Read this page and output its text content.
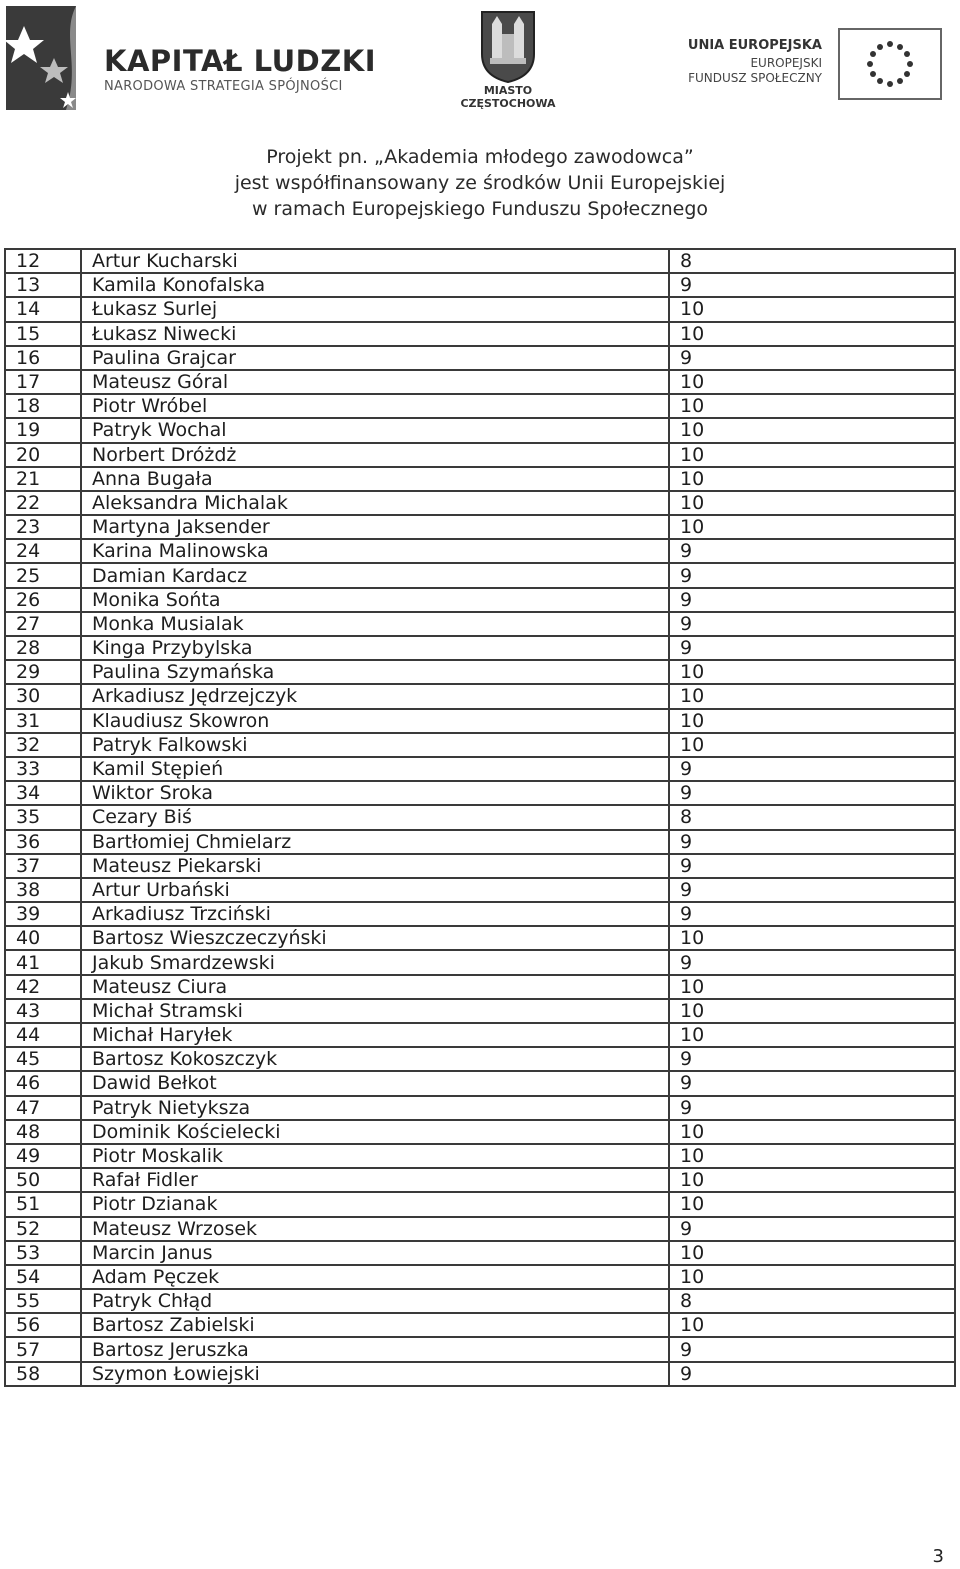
KAPITAŁ LUDZKI
NARODOWA STRATEGIA SPÓJNOŚCI	MIASTO
CZĘSTOCHOWA
UNIA EUROPEJSKA
EUROPEJSKI
FUNDUSZ SPOŁECZNY
Projekt pn. „Akademia młodego zawodowca”
jest współfinansowany ze środków Unii Europejskiej
w ramach Europejskiego Funduszu Społecznego
12	Artur Kucharski	8
13	Kamila Konofalska	9
14	Łukasz Surlej	10
15	Łukasz Niwecki	10
16	Paulina Grajcar	9
17	Mateusz Góral	10
18	Piotr Wróbel	10
19	Patryk Wochal	10
20	Norbert Dróżdż	10
21	Anna Bugała	10
22	Aleksandra Michalak	10
23	Martyna Jaksender	10
24	Karina Malinowska	9
25	Damian Kardacz	9
26	Monika Sońta	9
27	Monka Musialak	9
28	Kinga Przybylska	9
29	Paulina Szymańska	10
30	Arkadiusz Jędrzejczyk	10
31	Klaudiusz Skowron	10
32	Patryk Falkowski	10
33	Kamil Stępień	9
34	Wiktor Sroka	9
35	Cezary Biś	8
36	Bartłomiej Chmielarz	9
37	Mateusz Piekarski	9
38	Artur Urbański	9
39	Arkadiusz Trzciński	9
40	Bartosz Wieszczeczyński	10
41	Jakub Smardzewski	9
42	Mateusz Ciura	10
43	Michał Stramski	10
44	Michał Haryłek	10
45	Bartosz Kokoszczyk	9
46	Dawid Bełkot	9
47	Patryk Nietyksza	9
48	Dominik Kościelecki	10
49	Piotr Moskalik	10
50	Rafał Fidler	10
51	Piotr Dzianak	10
52	Mateusz Wrzosek	9
53	Marcin Janus	10
54	Adam Pęczek	10
55	Patryk Chłąd	8
56	Bartosz Zabielski	10
57	Bartosz Jeruszka	9
58	Szymon Łowiejski	9
3
